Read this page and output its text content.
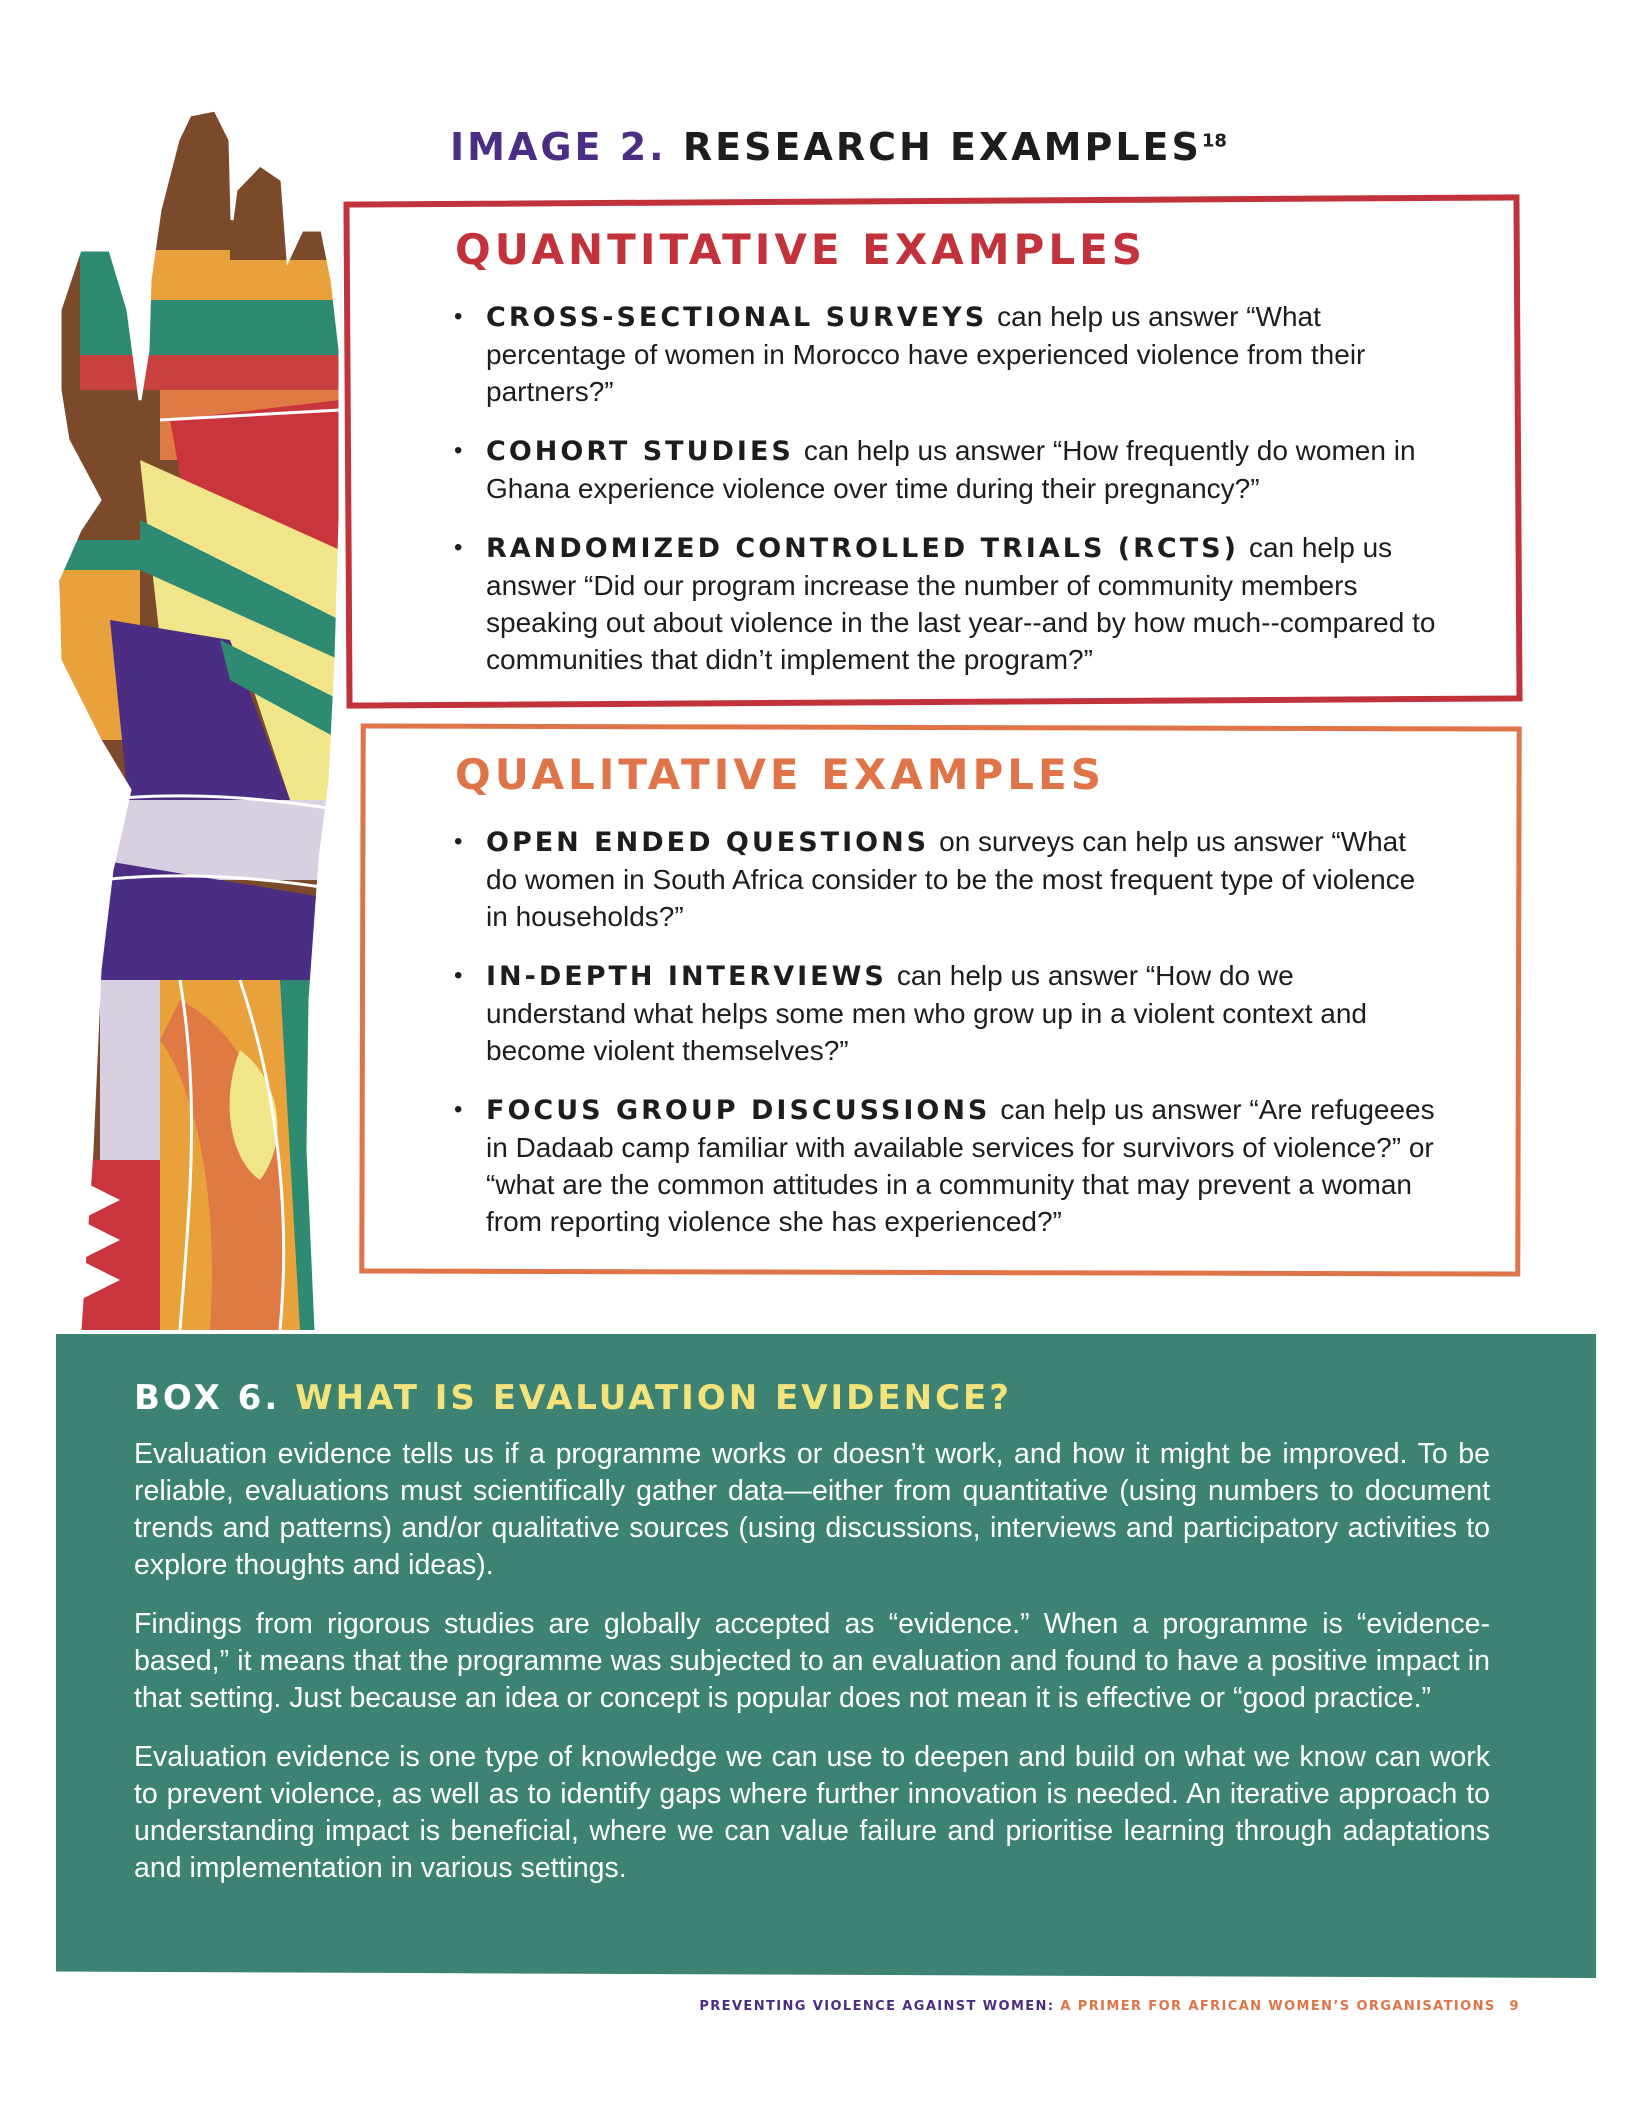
IMAGE 2. RESEARCH EXAMPLES$^{18}$
QUANTITATIVE EXAMPLES
• CROSS-SECTIONAL SURVEYS can help us answer “What percentage of women in Morocco have experienced violence from their partners?”
• COHORT STUDIES can help us answer “How frequently do women in Ghana experience violence over time during their pregnancy?”
• RANDOMIZED CONTROLLED TRIALS (RCTS) can help us answer “Did our program increase the number of community members speaking out about violence in the last year--and by how much--compared to communities that didn’t implement the program?”
QUALITATIVE EXAMPLES
• OPEN ENDED QUESTIONS on surveys can help us answer “What do women in South Africa consider to be the most frequent type of violence in households?”
• IN-DEPTH INTERVIEWS can help us answer “How do we understand what helps some men who grow up in a violent context and become violent themselves?”
• FOCUS GROUP DISCUSSIONS can help us answer “Are refugeees in Dadaab camp familiar with available services for survivors of violence?” or “what are the common attitudes in a community that may prevent a woman from reporting violence she has experienced?”
BOX 6. WHAT IS EVALUATION EVIDENCE?

Evaluation evidence tells us if a programme works or doesn’t work, and how it might be improved. To be reliable, evaluations must scientifically gather data—either from quantitative (using numbers to document trends and patterns) and/or qualitative sources (using discussions, interviews and participatory activities to explore thoughts and ideas).

Findings from rigorous studies are globally accepted as “evidence.” When a programme is “evidence-based,” it means that the programme was subjected to an evaluation and found to have a positive impact in that setting. Just because an idea or concept is popular does not mean it is effective or “good practice.”

Evaluation evidence is one type of knowledge we can use to deepen and build on what we know can work to prevent violence, as well as to identify gaps where further innovation is needed. An iterative approach to understanding impact is beneficial, where we can value failure and prioritise learning through adaptations and implementation in various settings.

PREVENTING VIOLENCE AGAINST WOMEN: A PRIMER FOR AFRICAN WOMEN’S ORGANISATIONS 9
